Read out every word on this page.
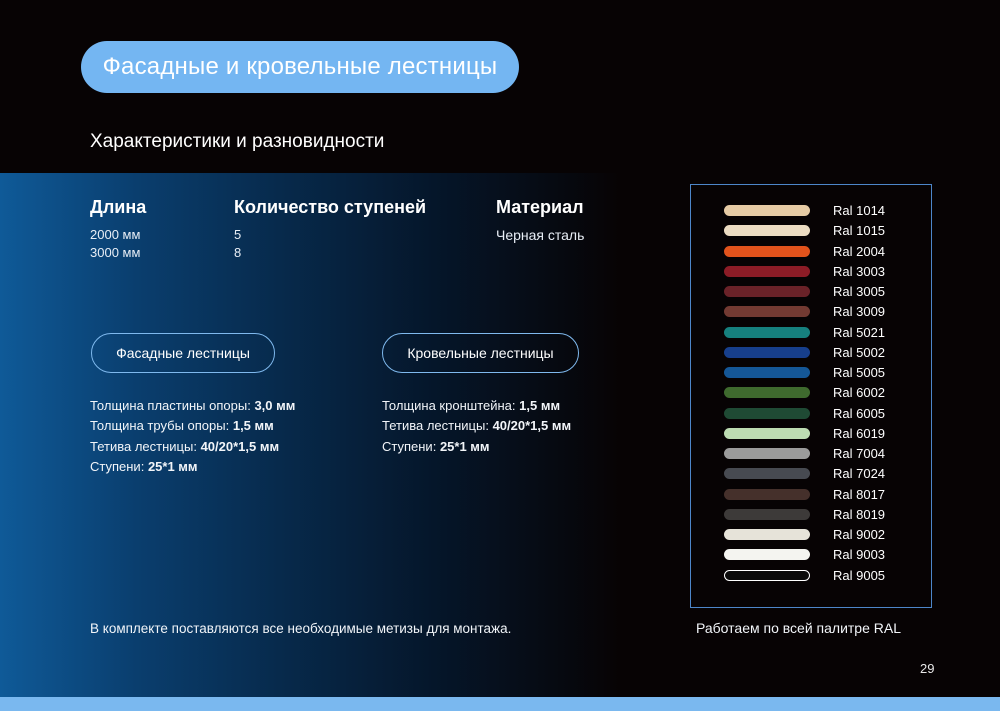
Фасадные и кровельные лестницы
Характеристики и разновидности
Длина
2000 мм
3000 мм
Количество ступеней
5
8
Материал
Черная сталь
Фасадные лестницы	Кровельные лестницы
Толщина пластины опоры: 3,0 мм
Толщина трубы опоры: 1,5 мм
Тетива лестницы: 40/20*1,5 мм
Ступени: 25*1 мм
Толщина кронштейна: 1,5 мм
Тетива лестницы: 40/20*1,5 мм
Ступени: 25*1 мм
В комплекте поставляются все необходимые метизы для монтажа.
Ral 1014
Ral 1015
Ral 2004
Ral 3003
Ral 3005
Ral 3009
Ral 5021
Ral 5002
Ral 5005
Ral 6002
Ral 6005
Ral 6019
Ral 7004
Ral 7024
Ral 8017
Ral 8019
Ral 9002
Ral 9003
Ral 9005
Работаем по всей палитре RAL
29
